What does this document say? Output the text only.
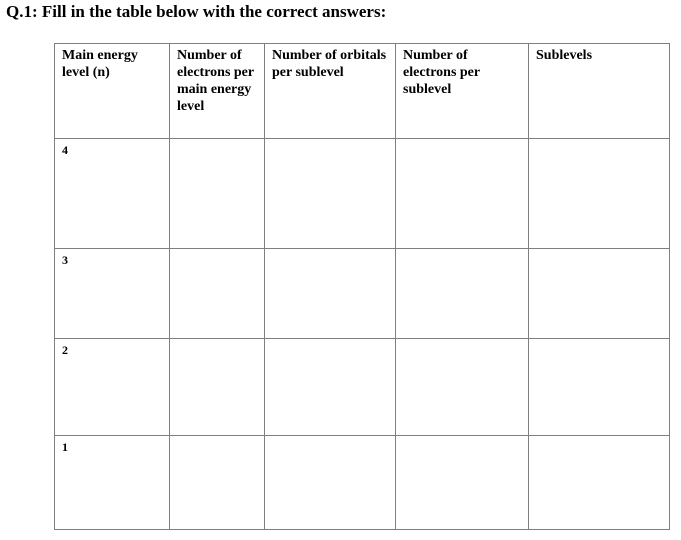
Q.1: Fill in the table below with the correct answers:
Main energy level (n)	Number of electrons per main energy level	Number of orbitals per sublevel	Number of electrons per sublevel	Sublevels
4				
3				
2				
1				
